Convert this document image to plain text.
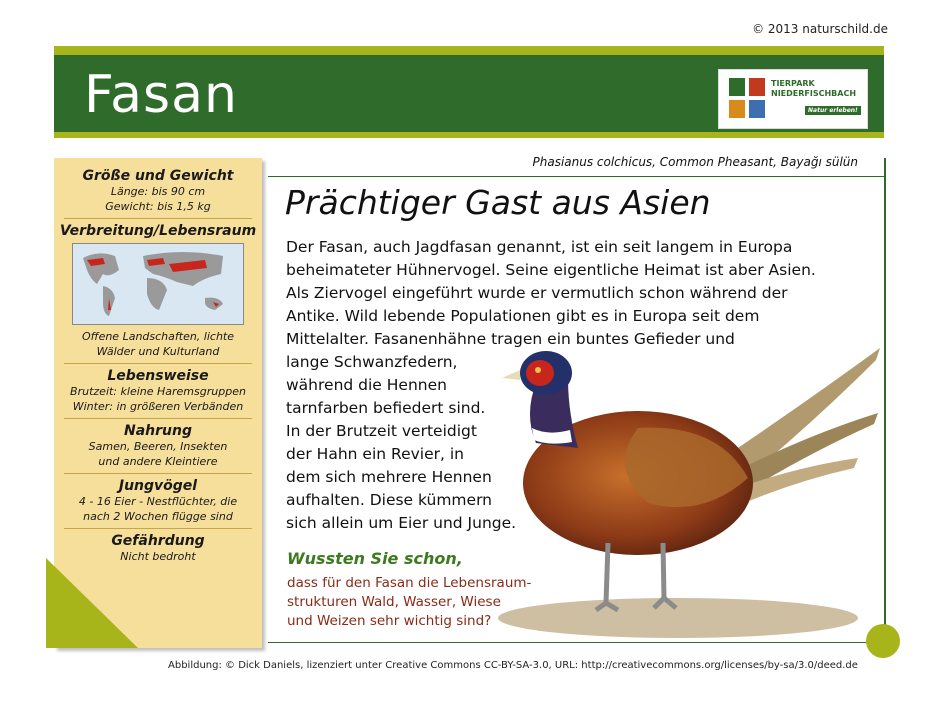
© 2013 naturschild.de
Fasan	TIERPARK
NIEDERFISCHBACH
Natur erleben!
Größe und Gewicht
Länge: bis 90 cm
Gewicht: bis 1,5 kg
Verbreitung/Lebensraum
Offene Landschaften, lichte
Wälder und Kulturland
Lebensweise
Brutzeit: kleine Haremsgruppen
Winter: in größeren Verbänden
Nahrung
Samen, Beeren, Insekten
und andere Kleintiere
Jungvögel
4 - 16 Eier - Nestflüchter, die
nach 2 Wochen flügge sind
Gefährdung
Nicht bedroht
Phasianus colchicus, Common Pheasant, Bayağı sülün
Prächtiger Gast aus Asien
Der Fasan, auch Jagdfasan genannt, ist ein seit langem in Europa
beheimateter Hühnervogel. Seine eigentliche Heimat ist aber Asien.
Als Ziervogel eingeführt wurde er vermutlich schon während der
Antike. Wild lebende Populationen gibt es in Europa seit dem
Mittelalter. Fasanenhähne tragen ein buntes Gefieder und
lange Schwanzfedern,
während die Hennen
tarnfarben befiedert sind.
In der Brutzeit verteidigt
der Hahn ein Revier, in
dem sich mehrere Hennen
aufhalten. Diese kümmern
sich allein um Eier und Junge.
Wussten Sie schon,
dass für den Fasan die Lebensraum-
strukturen Wald, Wasser, Wiese
und Weizen sehr wichtig sind?
Abbildung: © Dick Daniels, lizenziert unter Creative Commons CC-BY-SA-3.0, URL: http://creativecommons.org/licenses/by-sa/3.0/deed.de
